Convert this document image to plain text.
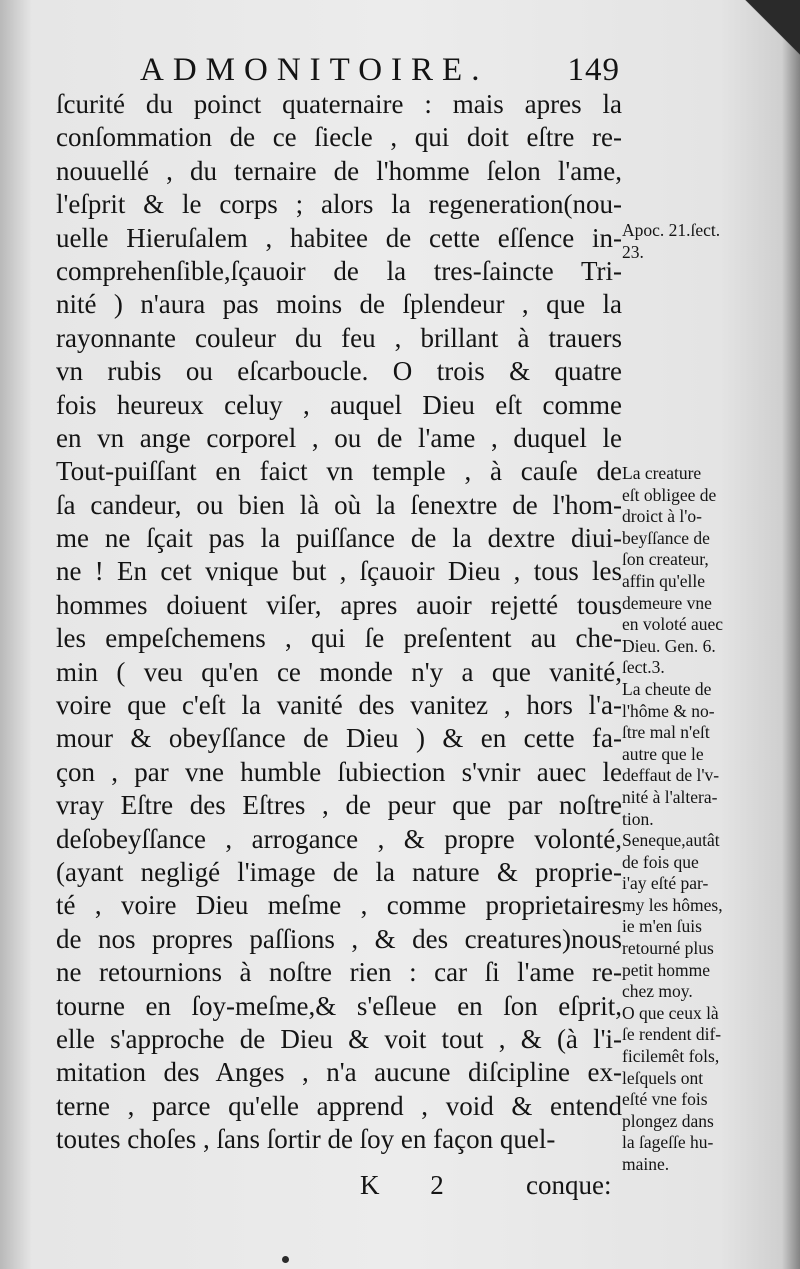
ADMONITOIRE. 149
ſcurité du poinct quaternaire : mais apres la
conſommation de ce ſiecle , qui doit eſtre re-
nouuellé , du ternaire de l'homme ſelon l'ame,
l'eſprit & le corps ; alors la regeneration(nou-
uelle Hieruſalem , habitee de cette eſſence in-
comprehenſible,ſçauoir de la tres-ſaincte Tri-
nité ) n'aura pas moins de ſplendeur , que la
rayonnante couleur du feu , brillant à trauers
vn rubis ou eſcarboucle. O trois & quatre
fois heureux celuy , auquel Dieu eſt comme
en vn ange corporel , ou de l'ame , duquel le
Tout-puiſſant en faict vn temple , à cauſe de
ſa candeur, ou bien là où la ſenextre de l'hom-
me ne ſçait pas la puiſſance de la dextre diui-
ne ! En cet vnique but , ſçauoir Dieu , tous les
hommes doiuent viſer, apres auoir rejetté tous
les empeſchemens , qui ſe preſentent au che-
min ( veu qu'en ce monde n'y a que vanité,
voire que c'eſt la vanité des vanitez , hors l'a-
mour & obeyſſance de Dieu ) & en cette fa-
çon , par vne humble ſubiection s'vnir auec le
vray Eſtre des Eſtres , de peur que par noſtre
deſobeyſſance , arrogance , & propre volonté,
(ayant negligé l'image de la nature & proprie-
té , voire Dieu meſme , comme proprietaires
de nos propres paſſions , & des creatures)nous
ne retournions à noſtre rien : car ſi l'ame re-
tourne en ſoy-meſme,& s'eſleue en ſon eſprit,
elle s'approche de Dieu & voit tout , & (à l'i-
mitation des Anges , n'a aucune diſcipline ex-
terne , parce qu'elle apprend , void & entend
toutes choſes , ſans ſortir de ſoy en façon quel-
Apoc. 21.ſect.
23.
La creature
eſt obligee de
droict à l'o-
beyſſance de
ſon createur,
affin qu'elle
demeure vne
en voloté auec
Dieu. Gen. 6.
ſect.3.
La cheute de
l'hôme & no-
ſtre mal n'eſt
autre que le
deffaut de l'v-
nité à l'altera-
tion.
Seneque,autât
de fois que
i'ay eſté par-
my les hômes,
ie m'en ſuis
retourné plus
petit homme
chez moy.
O que ceux là
ſe rendent dif-
ficilemêt fols,
leſquels ont
eſté vne fois
plongez dans
la ſageſſe hu-
maine.
K 2 conque:
